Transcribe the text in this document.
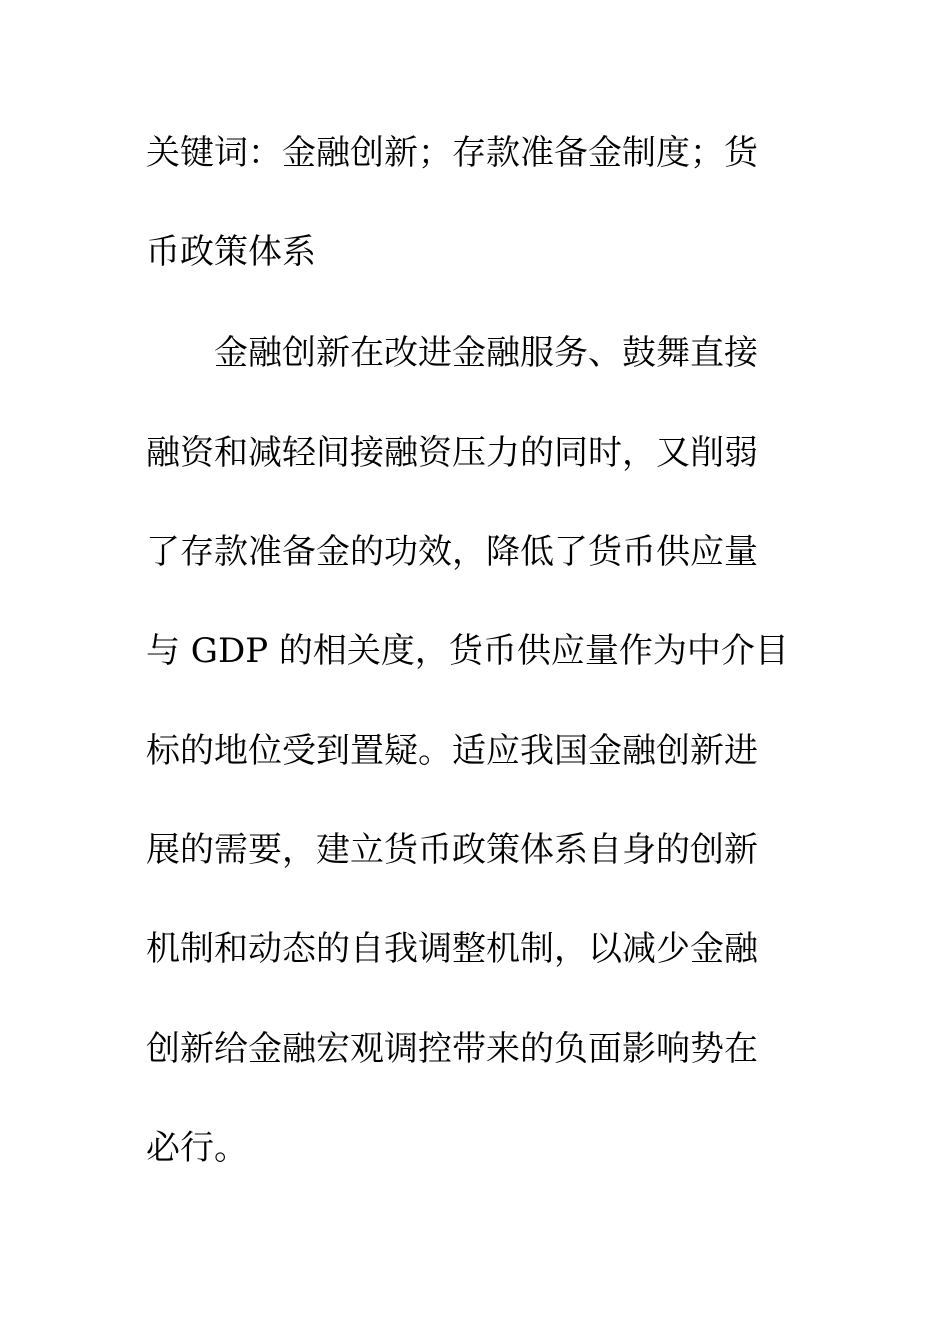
关键词：金融创新；存款准备金制度；货
币政策体系
金融创新在改进金融服务、鼓舞直接
融资和减轻间接融资压力的同时，又削弱
了存款准备金的功效，降低了货币供应量
与 GDP 的相关度，货币供应量作为中介目
标的地位受到置疑。适应我国金融创新进
展的需要，建立货币政策体系自身的创新
机制和动态的自我调整机制，以减少金融
创新给金融宏观调控带来的负面影响势在
必行。
